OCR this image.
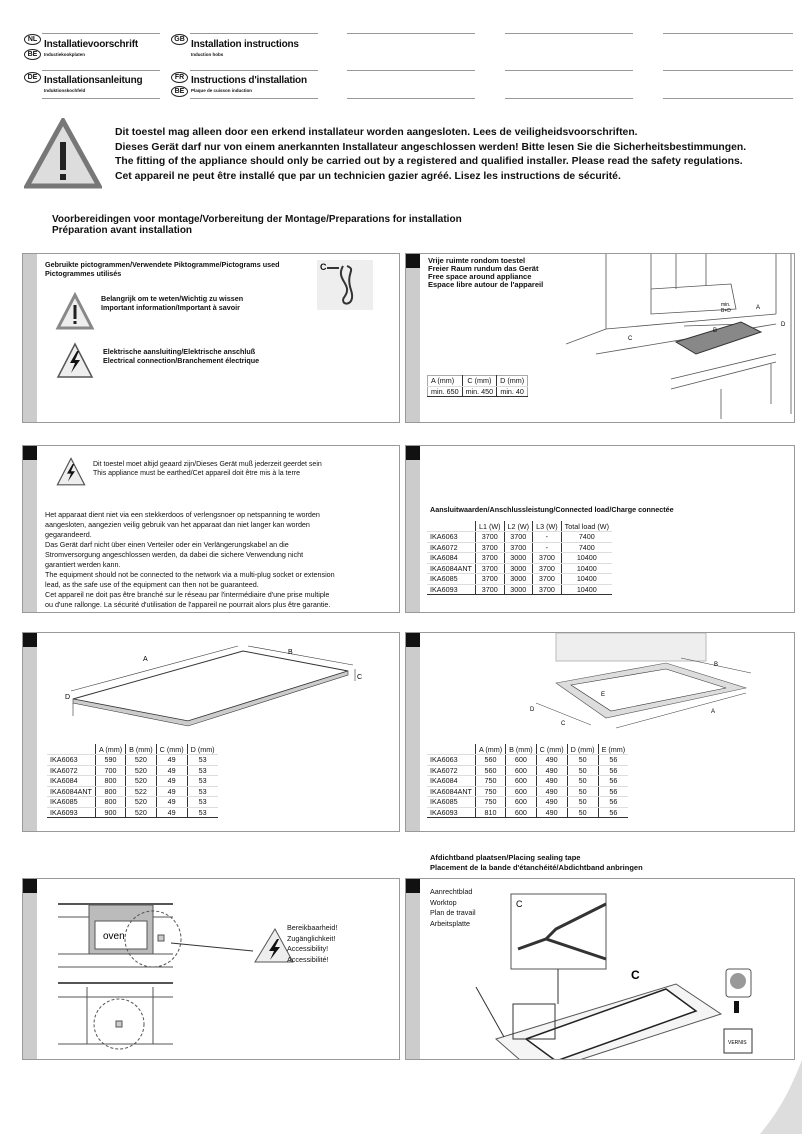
NL Installatievoorschrift
BE	Inductiekookplaten
GB Installation instructions
Induction hobs
DE Installationsanleitung
Induktionskochfeld
FR Instructions d'installation
BE	Plaque de cuisson induction
Dit toestel mag alleen door een erkend installateur worden aangesloten. Lees de veiligheidsvoorschriften.
Dieses Gerät darf nur von einem anerkannten Installateur angeschlossen werden! Bitte lesen Sie die Sicherheitsbestimmungen.
The fitting of the appliance should only be carried out by a registered and qualified installer. Please read the safety regulations.
Cet appareil ne peut être installé que par un technicien gazier agréé. Lisez les instructions de sécurité.
Voorbereidingen voor montage/Vorbereitung der Montage/Preparations for installation
Préparation avant installation
Gebruikte pictogrammen/Verwendete Piktogramme/Pictograms used
Pictogrammes utilisés
C
Belangrijk om te weten/Wichtig zu wissen
Important information/Important à savoir
Elektrische aansluiting/Elektrische anschluß
Electrical connection/Branchement électrique
Vrije ruimte rondom toestel
Freier Raum rundum das Gerät
Free space around appliance
Espace libre autour de l'appareil
min.
B+D	A
B
C
D
A (mm)	C (mm)	D (mm)
min. 650	min. 450	min. 40
Dit toestel moet altijd geaard zijn/Dieses Gerät muß jederzeit geerdet sein
This appliance must be earthed/Cet appareil doit être mis à la terre
Het apparaat dient niet via een stekkerdoos of verlengsnoer op netspanning te worden
aangesloten, aangezien veilig gebruik van het apparaat dan niet langer kan worden
gegarandeerd.
Das Gerät darf nicht über einen Verteiler oder ein Verlängerungskabel an die
Stromversorgung angeschlossen werden, da dabei die sichere Verwendung nicht
garantiert werden kann.
The equipment should not be connected to the network via a multi-plug socket or extension
lead, as the safe use of the equipment can then not be guaranteed.
Cet appareil ne doit pas être branché sur le réseau par l'intermédiaire d'une prise multiple
ou d'une rallonge. La sécurité d'utilisation de l'appareil ne pourrait alors plus être garantie.
Aansluitwaarden/Anschlussleistung/Connected load/Charge connectée
	L1 (W)	L2 (W)	L3 (W)	Total load (W)
IKA6063	3700	3700	-	7400
IKA6072	3700	3700	-	7400
IKA6084	3700	3000	3700	10400
IKA6084ANT	3700	3000	3700	10400
IKA6085	3700	3000	3700	10400
IKA6093	3700	3000	3700	10400
A
B
C
D
	A (mm)	B (mm)	C (mm)	D (mm)
IKA6063	590	520	49	53
IKA6072	700	520	49	53
IKA6084	800	520	49	53
IKA6084ANT	800	522	49	53
IKA6085	800	520	49	53
IKA6093	900	520	49	53
D
C
E
A
B
	A (mm)	B (mm)	C (mm)	D (mm)	E (mm)
IKA6063	560	600	490	50	56
IKA6072	560	600	490	50	56
IKA6084	750	600	490	50	56
IKA6084ANT	750	600	490	50	56
IKA6085	750	600	490	50	56
IKA6093	810	600	490	50	56
Afdichtband plaatsen/Placing sealing tape
Placement de la bande d'étanchéité/Abdichtband anbringen
oven
Bereikbaarheid!
Zugänglichkeit!
Accessibility!
Accessibilité!
Aanrechtblad
Worktop
Plan de travail
Arbeitsplatte
C
C
VERNIS
